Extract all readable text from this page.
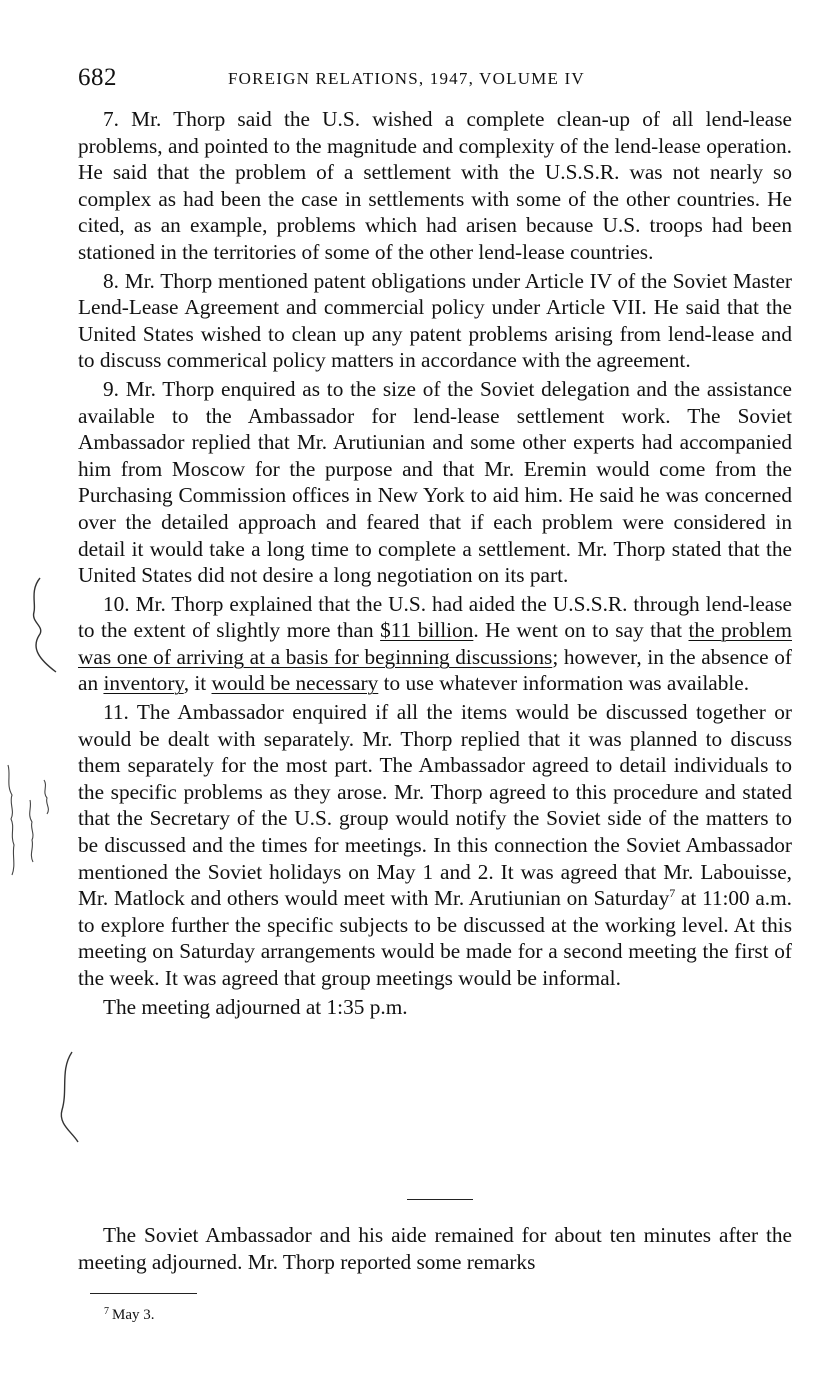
682	FOREIGN RELATIONS, 1947, VOLUME IV

7. Mr. Thorp said the U.S. wished a complete clean-up of all lend-lease problems, and pointed to the magnitude and complexity of the lend-lease operation. He said that the problem of a settlement with the U.S.S.R. was not nearly so complex as had been the case in settlements with some of the other countries. He cited, as an example, problems which had arisen because U.S. troops had been stationed in the territories of some of the other lend-lease countries.

8. Mr. Thorp mentioned patent obligations under Article IV of the Soviet Master Lend-Lease Agreement and commercial policy under Article VII. He said that the United States wished to clean up any patent problems arising from lend-lease and to discuss commerical policy matters in accordance with the agreement.

9. Mr. Thorp enquired as to the size of the Soviet delegation and the assistance available to the Ambassador for lend-lease settlement work. The Soviet Ambassador replied that Mr. Arutiunian and some other experts had accompanied him from Moscow for the purpose and that Mr. Eremin would come from the Purchasing Commission offices in New York to aid him. He said he was concerned over the detailed approach and feared that if each problem were considered in detail it would take a long time to complete a settlement. Mr. Thorp stated that the United States did not desire a long negotiation on its part.

10. Mr. Thorp explained that the U.S. had aided the U.S.S.R. through lend-lease to the extent of slightly more than $11 billion. He went on to say that the problem was one of arriving at a basis for beginning discussions; however, in the absence of an inventory, it would be necessary to use whatever information was available.

11. The Ambassador enquired if all the items would be discussed together or would be dealt with separately. Mr. Thorp replied that it was planned to discuss them separately for the most part. The Ambassador agreed to detail individuals to the specific problems as they arose. Mr. Thorp agreed to this procedure and stated that the Secretary of the U.S. group would notify the Soviet side of the matters to be discussed and the times for meetings. In this connection the Soviet Ambassador mentioned the Soviet holidays on May 1 and 2. It was agreed that Mr. Labouisse, Mr. Matlock and others would meet with Mr. Arutiunian on Saturday$^7$ at 11:00 a.m. to explore further the specific subjects to be discussed at the working level. At this meeting on Saturday arrangements would be made for a second meeting the first of the week. It was agreed that group meetings would be informal.

The meeting adjourned at 1:35 p.m.

The Soviet Ambassador and his aide remained for about ten minutes after the meeting adjourned. Mr. Thorp reported some remarks

$^7$ May 3.
